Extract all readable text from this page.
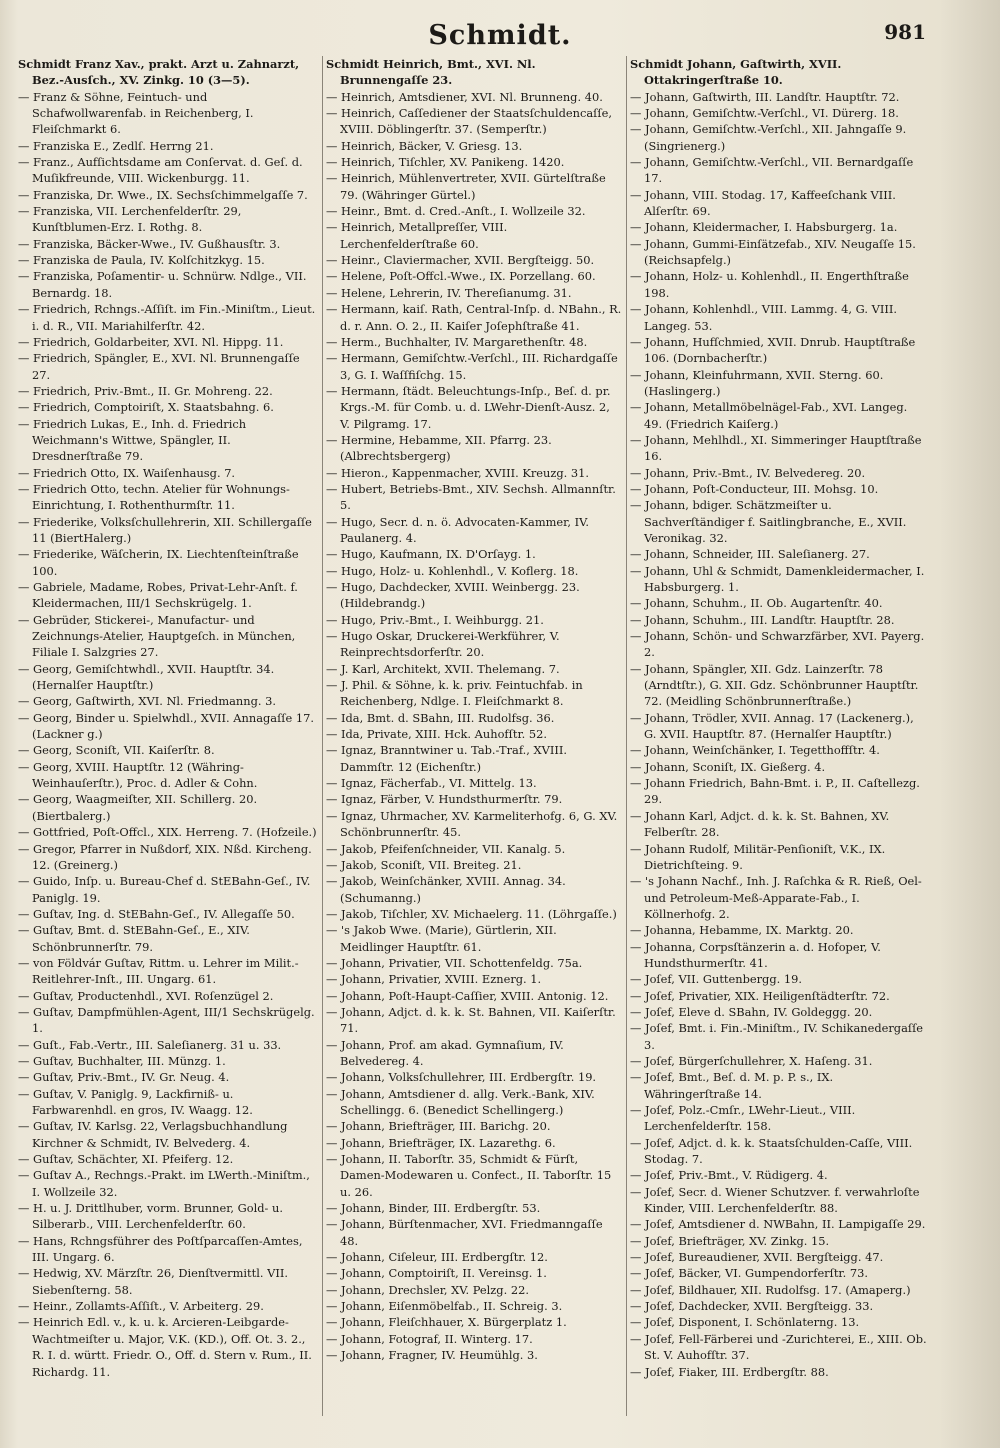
Schmidt.	981

Schmidt Franz Xav., prakt. Arzt u. Zahnarzt, Bez.-Ausſch., XV. Zinkg. 10 (3—5).

— Franz & Söhne, Feintuch- und Schafwollwarenfab. in Reichenberg, I. Fleiſchmarkt 6.

— Franziska E., Zedlſ. Herrng 21.

— Franz., Aufſichtsdame am Conſervat. d. Geſ. d. Muſikfreunde, VIII. Wickenburgg. 11.

— Franziska, Dr. Wwe., IX. Sechsſchimmelgaſſe 7.

— Franziska, VII. Lerchenfelderſtr. 29, Kunſtblumen-Erz. I. Rothg. 8.

— Franziska, Bäcker-Wwe., IV. Gußhausſtr. 3.

— Franziska de Paula, IV. Kolſchitzkyg. 15.

— Franziska, Poſamentir- u. Schnürw. Ndlge., VII. Bernardg. 18.

— Friedrich, Rchngs.-Aſſiſt. im Fin.-Miniſtm., Lieut. i. d. R., VII. Mariahilferſtr. 42.

— Friedrich, Goldarbeiter, XVI. Nl. Hippg. 11.

— Friedrich, Spängler, E., XVI. Nl. Brunnengaſſe 27.

— Friedrich, Priv.-Bmt., II. Gr. Mohreng. 22.

— Friedrich, Comptoiriſt, X. Staatsbahng. 6.

— Friedrich Lukas, E., Inh. d. Friedrich Weichmann's Wittwe, Spängler, II. Dresdnerſtraße 79.

— Friedrich Otto, IX. Waiſenhausg. 7.

— Friedrich Otto, techn. Atelier für Wohnungs-Einrichtung, I. Rothenthurmſtr. 11.

— Friederike, Volksſchullehrerin, XII. Schillergaſſe 11 (BiertHalerg.)

— Friederike, Wäſcherin, IX. Liechtenſteinſtraße 100.

— Gabriele, Madame, Robes, Privat-Lehr-Anſt. f. Kleidermachen, III/1 Sechskrügelg. 1.

— Gebrüder, Stickerei-, Manufactur- und Zeichnungs-Atelier, Hauptgeſch. in München, Filiale I. Salzgries 27.

— Georg, Gemiſchtwhdl., XVII. Hauptſtr. 34. (Hernalſer Hauptſtr.)

— Georg, Gaſtwirth, XVI. Nl. Friedmanng. 3.

— Georg, Binder u. Spielwhdl., XVII. Annagaſſe 17. (Lackner g.)

— Georg, Sconiſt, VII. Kaiſerſtr. 8.

— Georg, XVIII. Hauptſtr. 12 (Währing-Weinhauſerſtr.), Proc. d. Adler & Cohn.

— Georg, Waagmeiſter, XII. Schillerg. 20. (Biertbalerg.)

— Gottfried, Poſt-Offcl., XIX. Herreng. 7. (Hofzeile.)

— Gregor, Pfarrer in Nußdorf, XIX. Nßd. Kircheng. 12. (Greinerg.)

— Guido, Inſp. u. Bureau-Chef d. StEBahn-Geſ., IV. Paniglg. 19.

— Guſtav, Ing. d. StEBahn-Geſ., IV. Allegaſſe 50.

— Guſtav, Bmt. d. StEBahn-Geſ., E., XIV. Schönbrunnerſtr. 79.

— von Földvár Guſtav, Rittm. u. Lehrer im Milit.-Reitlehrer-Inſt., III. Ungarg. 61.

— Guſtav, Productenhdl., XVI. Roſenzügel 2.

— Guſtav, Dampfmühlen-Agent, III/1 Sechskrügelg. 1.

— Guſt., Fab.-Vertr., III. Saleſianerg. 31 u. 33.

— Guſtav, Buchhalter, III. Münzg. 1.

— Guſtav, Priv.-Bmt., IV. Gr. Neug. 4.

— Guſtav, V. Paniglg. 9, Lackfirniß- u. Farbwarenhdl. en gros, IV. Waagg. 12.

— Guſtav, IV. Karlsg. 22, Verlagsbuchhandlung Kirchner & Schmidt, IV. Belvederg. 4.

— Guſtav, Schächter, XI. Pfeiferg. 12.

— Guſtav A., Rechngs.-Prakt. im LWerth.-Miniſtm., I. Wollzeile 32.

— H. u. J. Drittlhuber, vorm. Brunner, Gold- u. Silberarb., VIII. Lerchenfelderſtr. 60.

— Hans, Rchngsführer des Poſtſparcaſſen-Amtes, III. Ungarg. 6.

— Hedwig, XV. Märzſtr. 26, Dienſtvermittl. VII. Siebenſterng. 58.

— Heinr., Zollamts-Aſſiſt., V. Arbeiterg. 29.

— Heinrich Edl. v., k. u. k. Arcieren-Leibgarde-Wachtmeiſter u. Major, V.K. (KD.), Off. Ot. 3. 2., R. I. d. württ. Friedr. O., Off. d. Stern v. Rum., II. Richardg. 11.

Schmidt Heinrich, Bmt., XVI. Nl. Brunnengaſſe 23.

— Heinrich, Amtsdiener, XVI. Nl. Brunneng. 40.

— Heinrich, Caſſediener der Staatsſchuldencaſſe, XVIII. Döblingerſtr. 37. (Semperſtr.)

— Heinrich, Bäcker, V. Griesg. 13.

— Heinrich, Tiſchler, XV. Panikeng. 1420.

— Heinrich, Mühlenvertreter, XVII. Gürtelſtraße 79. (Währinger Gürtel.)

— Heinr., Bmt. d. Cred.-Anſt., I. Wollzeile 32.

— Heinrich, Metallpreſſer, VIII. Lerchenfelderſtraße 60.

— Heinr., Claviermacher, XVII. Bergſteigg. 50.

— Helene, Poſt-Offcl.-Wwe., IX. Porzellang. 60.

— Helene, Lehrerin, IV. Thereſianumg. 31.

— Hermann, kaiſ. Rath, Central-Inſp. d. NBahn., R. d. r. Ann. O. 2., II. Kaiſer Joſephſtraße 41.

— Herm., Buchhalter, IV. Margarethenſtr. 48.

— Hermann, Gemiſchtw.-Verſchl., III. Richardgaſſe 3, G. I. Waſſfiſchg. 15.

— Hermann, ſtädt. Beleuchtungs-Inſp., Beſ. d. pr. Krgs.-M. für Comb. u. d. LWehr-Dienſt-Ausz. 2, V. Pilgramg. 17.

— Hermine, Hebamme, XII. Pfarrg. 23. (Albrechtsbergerg)

— Hieron., Kappenmacher, XVIII. Kreuzg. 31.

— Hubert, Betriebs-Bmt., XIV. Sechsh. Allmannſtr. 5.

— Hugo, Secr. d. n. ö. Advocaten-Kammer, IV. Paulanerg. 4.

— Hugo, Kaufmann, IX. D'Orſayg. 1.

— Hugo, Holz- u. Kohlenhdl., V. Koflerg. 18.

— Hugo, Dachdecker, XVIII. Weinbergg. 23. (Hildebrandg.)

— Hugo, Priv.-Bmt., I. Weihburgg. 21.

— Hugo Oskar, Druckerei-Werkführer, V. Reinprechtsdorferſtr. 20.

— J. Karl, Architekt, XVII. Thelemang. 7.

— J. Phil. & Söhne, k. k. priv. Feintuchfab. in Reichenberg, Ndlge. I. Fleiſchmarkt 8.

— Ida, Bmt. d. SBahn, III. Rudolfsg. 36.

— Ida, Private, XIII. Hck. Auhofſtr. 52.

— Ignaz, Branntwiner u. Tab.-Traf., XVIII. Dammſtr. 12 (Eichenſtr.)

— Ignaz, Fächerfab., VI. Mittelg. 13.

— Ignaz, Färber, V. Hundsthurmerſtr. 79.

— Ignaz, Uhrmacher, XV. Karmeliterhofg. 6, G. XV. Schönbrunnerſtr. 45.

— Jakob, Pfeifenſchneider, VII. Kanalg. 5.

— Jakob, Sconiſt, VII. Breiteg. 21.

— Jakob, Weinſchänker, XVIII. Annag. 34. (Schumanng.)

— Jakob, Tiſchler, XV. Michaelerg. 11. (Löhrgaſſe.)

— 's Jakob Wwe. (Marie), Gürtlerin, XII. Meidlinger Hauptſtr. 61.

— Johann, Privatier, VII. Schottenfeldg. 75a.

— Johann, Privatier, XVIII. Eznerg. 1.

— Johann, Poſt-Haupt-Caſſier, XVIII. Antonig. 12.

— Johann, Adjct. d. k. k. St. Bahnen, VII. Kaiſerſtr. 71.

— Johann, Prof. am akad. Gymnaſium, IV. Belvedereg. 4.

— Johann, Volksſchullehrer, III. Erdbergſtr. 19.

— Johann, Amtsdiener d. allg. Verk.-Bank, XIV. Schellingg. 6. (Benedict Schellingerg.)

— Johann, Briefträger, III. Barichg. 20.

— Johann, Briefträger, IX. Lazarethg. 6.

— Johann, II. Taborſtr. 35, Schmidt & Fürſt, Damen-Modewaren u. Confect., II. Taborſtr. 15 u. 26.

— Johann, Binder, III. Erdbergſtr. 53.

— Johann, Bürſtenmacher, XVI. Friedmanngaſſe 48.

— Johann, Ciſeleur, III. Erdbergſtr. 12.

— Johann, Comptoiriſt, II. Vereinsg. 1.

— Johann, Drechsler, XV. Pelzg. 22.

— Johann, Eiſenmöbelfab., II. Schreig. 3.

— Johann, Fleiſchhauer, X. Bürgerplatz 1.

— Johann, Fotograf, II. Winterg. 17.

— Johann, Fragner, IV. Heumühlg. 3.

Schmidt Johann, Gaſtwirth, XVII. Ottakringerſtraße 10.

— Johann, Gaſtwirth, III. Landſtr. Hauptſtr. 72.

— Johann, Gemiſchtw.-Verſchl., VI. Dürerg. 18.

— Johann, Gemiſchtw.-Verſchl., XII. Jahngaſſe 9. (Singrienerg.)

— Johann, Gemiſchtw.-Verſchl., VII. Bernardgaſſe 17.

— Johann, VIII. Stodag. 17, Kaffeeſchank VIII. Alſerſtr. 69.

— Johann, Kleidermacher, I. Habsburgerg. 1a.

— Johann, Gummi-Einſätzefab., XIV. Neugaſſe 15. (Reichsapfelg.)

— Johann, Holz- u. Kohlenhdl., II. Engerthſtraße 198.

— Johann, Kohlenhdl., VIII. Lammg. 4, G. VIII. Langeg. 53.

— Johann, Hufſchmied, XVII. Dnrub. Hauptſtraße 106. (Dornbacherſtr.)

— Johann, Kleinfuhrmann, XVII. Sterng. 60. (Haslingerg.)

— Johann, Metallmöbelnägel-Fab., XVI. Langeg. 49. (Friedrich Kaiſerg.)

— Johann, Mehlhdl., XI. Simmeringer Hauptſtraße 16.

— Johann, Priv.-Bmt., IV. Belvedereg. 20.

— Johann, Poſt-Conducteur, III. Mohsg. 10.

— Johann, bdiger. Schätzmeiſter u. Sachverſtändiger f. Saitlingbranche, E., XVII. Veronikag. 32.

— Johann, Schneider, III. Saleſianerg. 27.

— Johann, Uhl & Schmidt, Damenkleidermacher, I. Habsburgerg. 1.

— Johann, Schuhm., II. Ob. Augartenſtr. 40.

— Johann, Schuhm., III. Landſtr. Hauptſtr. 28.

— Johann, Schön- und Schwarzfärber, XVI. Payerg. 2.

— Johann, Spängler, XII. Gdz. Lainzerſtr. 78 (Arndtſtr.), G. XII. Gdz. Schönbrunner Hauptſtr. 72. (Meidling Schönbrunnerſtraße.)

— Johann, Trödler, XVII. Annag. 17 (Lackenerg.), G. XVII. Hauptſtr. 87. (Hernalſer Hauptſtr.)

— Johann, Weinſchänker, I. Tegetthoffſtr. 4.

— Johann, Sconiſt, IX. Gießerg. 4.

— Johann Friedrich, Bahn-Bmt. i. P., II. Caſtellezg. 29.

— Johann Karl, Adjct. d. k. k. St. Bahnen, XV. Felberſtr. 28.

— Johann Rudolf, Militär-Penſioniſt, V.K., IX. Dietrichſteing. 9.

— 's Johann Nachf., Inh. J. Raſchka & R. Rieß, Oel- und Petroleum-Meß-Apparate-Fab., I. Köllnerhofg. 2.

— Johanna, Hebamme, IX. Marktg. 20.

— Johanna, Corpsſtänzerin a. d. Hofoper, V. Hundsthurmerſtr. 41.

— Joſef, VII. Guttenbergg. 19.

— Joſef, Privatier, XIX. Heiligenſtädterſtr. 72.

— Joſef, Eleve d. SBahn, IV. Goldeggg. 20.

— Joſef, Bmt. i. Fin.-Miniſtm., IV. Schikanedergaſſe 3.

— Joſef, Bürgerſchullehrer, X. Haſeng. 31.

— Joſef, Bmt., Beſ. d. M. p. P. s., IX. Währingerſtraße 14.

— Joſef, Polz.-Cmſr., LWehr-Lieut., VIII. Lerchenfelderſtr. 158.

— Joſef, Adjct. d. k. k. Staatsſchulden-Caſſe, VIII. Stodag. 7.

— Joſef, Priv.-Bmt., V. Rüdigerg. 4.

— Joſef, Secr. d. Wiener Schutzver. f. verwahrloſte Kinder, VIII. Lerchenfelderſtr. 88.

— Joſef, Amtsdiener d. NWBahn, II. Lampigaſſe 29.

— Joſef, Briefträger, XV. Zinkg. 15.

— Joſef, Bureaudiener, XVII. Bergſteigg. 47.

— Joſef, Bäcker, VI. Gumpendorferſtr. 73.

— Joſef, Bildhauer, XII. Rudolfsg. 17. (Amaperg.)

— Joſef, Dachdecker, XVII. Bergſteigg. 33.

— Joſef, Disponent, I. Schönlaterng. 13.

— Joſef, Fell-Färberei und -Zurichterei, E., XIII. Ob. St. V. Auhofſtr. 37.

— Joſef, Fiaker, III. Erdbergſtr. 88.
